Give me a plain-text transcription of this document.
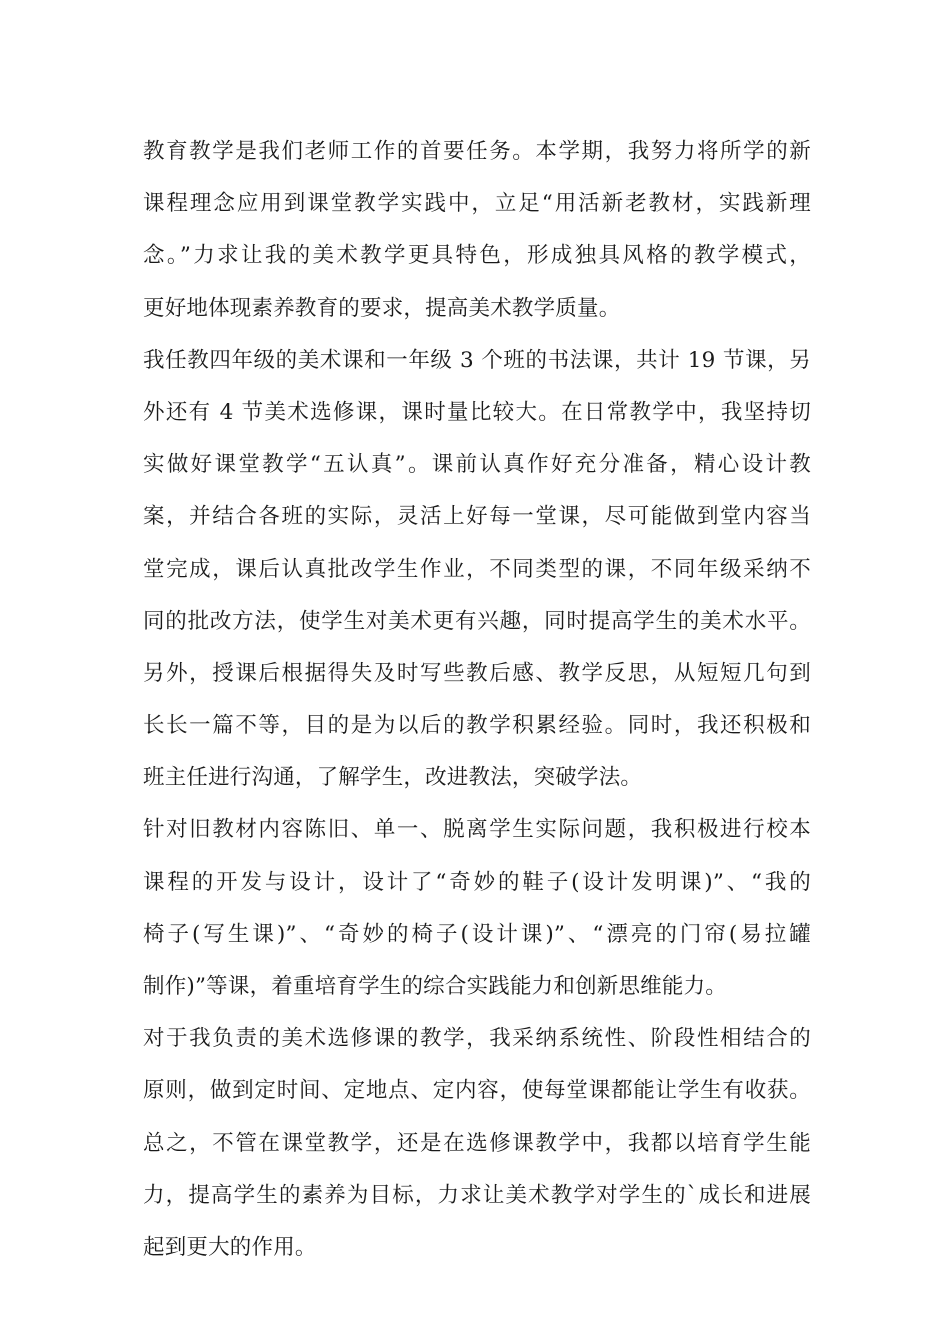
教育教学是我们老师工作的首要任务。本学期，我努力将所学的新
课程理念应用到课堂教学实践中，立足“用活新老教材，实践新理
念。”力求让我的美术教学更具特色，形成独具风格的教学模式，
更好地体现素养教育的要求，提高美术教学质量。

我任教四年级的美术课和一年级 3 个班的书法课，共计 19 节课，另
外还有 4 节美术选修课，课时量比较大。在日常教学中，我坚持切
实做好课堂教学“五认真”。课前认真作好充分准备，精心设计教
案，并结合各班的实际，灵活上好每一堂课，尽可能做到堂内容当
堂完成，课后认真批改学生作业，不同类型的课，不同年级采纳不
同的批改方法，使学生对美术更有兴趣，同时提高学生的美术水平。
另外，授课后根据得失及时写些教后感、教学反思，从短短几句到
长长一篇不等，目的是为以后的教学积累经验。同时，我还积极和
班主任进行沟通，了解学生，改进教法，突破学法。

针对旧教材内容陈旧、单一、脱离学生实际问题，我积极进行校本
课程的开发与设计，设计了“奇妙的鞋子(设计发明课)”、“我的
椅子(写生课)”、“奇妙的椅子(设计课)”、“漂亮的门帘(易拉罐
制作)”等课，着重培育学生的综合实践能力和创新思维能力。

对于我负责的美术选修课的教学，我采纳系统性、阶段性相结合的
原则，做到定时间、定地点、定内容，使每堂课都能让学生有收获。
总之，不管在课堂教学，还是在选修课教学中，我都以培育学生能
力，提高学生的素养为目标，力求让美术教学对学生的`成长和进展
起到更大的作用。
